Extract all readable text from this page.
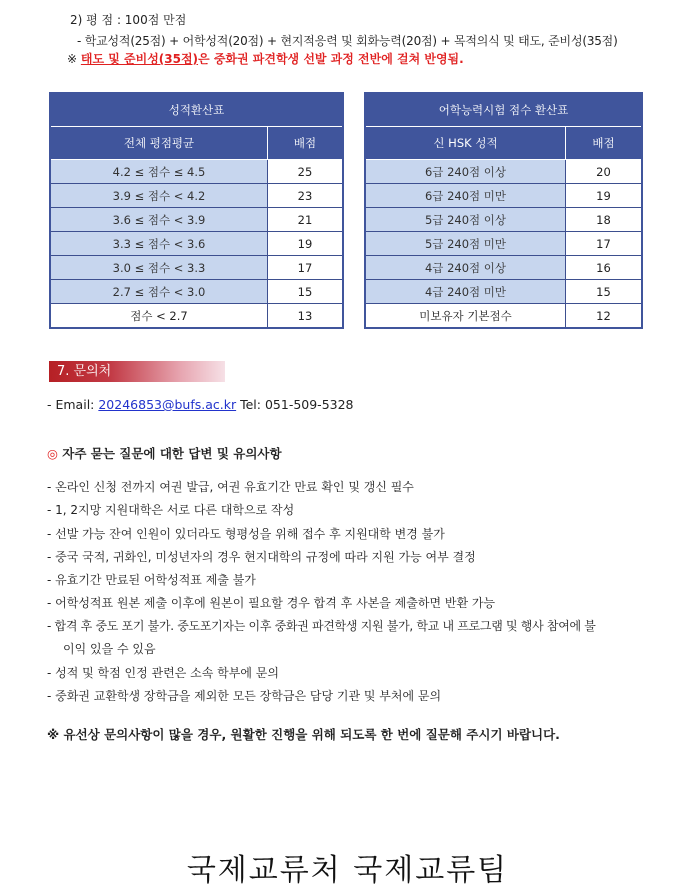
2) 평 점 : 100점 만점
- 학교성적(25점) + 어학성적(20점) + 현지적응력 및 회화능력(20점) + 목적의식 및 태도, 준비성(35점)
※ 태도 및 준비성(35점)은 중화권 파견학생 선발 과정 전반에 걸쳐 반영됨.
성적환산표	
전체 평점평균	배점
4.2 ≤ 점수 ≤ 4.5	25
3.9 ≤ 점수 < 4.2	23
3.6 ≤ 점수 < 3.9	21
3.3 ≤ 점수 < 3.6	19
3.0 ≤ 점수 < 3.3	17
2.7 ≤ 점수 < 3.0	15
점수 < 2.7	13
어학능력시험 점수 환산표	
신 HSK 성적	배점
6급 240점 이상	20
6급 240점 미만	19
5급 240점 이상	18
5급 240점 미만	17
4급 240점 이상	16
4급 240점 미만	15
미보유자 기본점수	12
7. 문의처
- Email: 20246853@bufs.ac.kr Tel: 051-509-5328
◎ 자주 묻는 질문에 대한 답변 및 유의사항
- 온라인 신청 전까지 여권 발급, 여권 유효기간 만료 확인 및 갱신 필수
- 1, 2지망 지원대학은 서로 다른 대학으로 작성
- 선발 가능 잔여 인원이 있더라도 형평성을 위해 접수 후 지원대학 변경 불가
- 중국 국적, 귀화인, 미성년자의 경우 현지대학의 규정에 따라 지원 가능 여부 결정
- 유효기간 만료된 어학성적표 제출 불가
- 어학성적표 원본 제출 이후에 원본이 필요할 경우 합격 후 사본을 제출하면 반환 가능
- 합격 후 중도 포기 불가. 중도포기자는 이후 중화권 파견학생 지원 불가, 학교 내 프로그램 및 행사 참여에 불
이익 있을 수 있음
- 성적 및 학점 인정 관련은 소속 학부에 문의
- 중화권 교환학생 장학금을 제외한 모든 장학금은 담당 기관 및 부처에 문의
※ 유선상 문의사항이 많을 경우, 원활한 진행을 위해 되도록 한 번에 질문해 주시기 바랍니다.
국제교류처 국제교류팀
